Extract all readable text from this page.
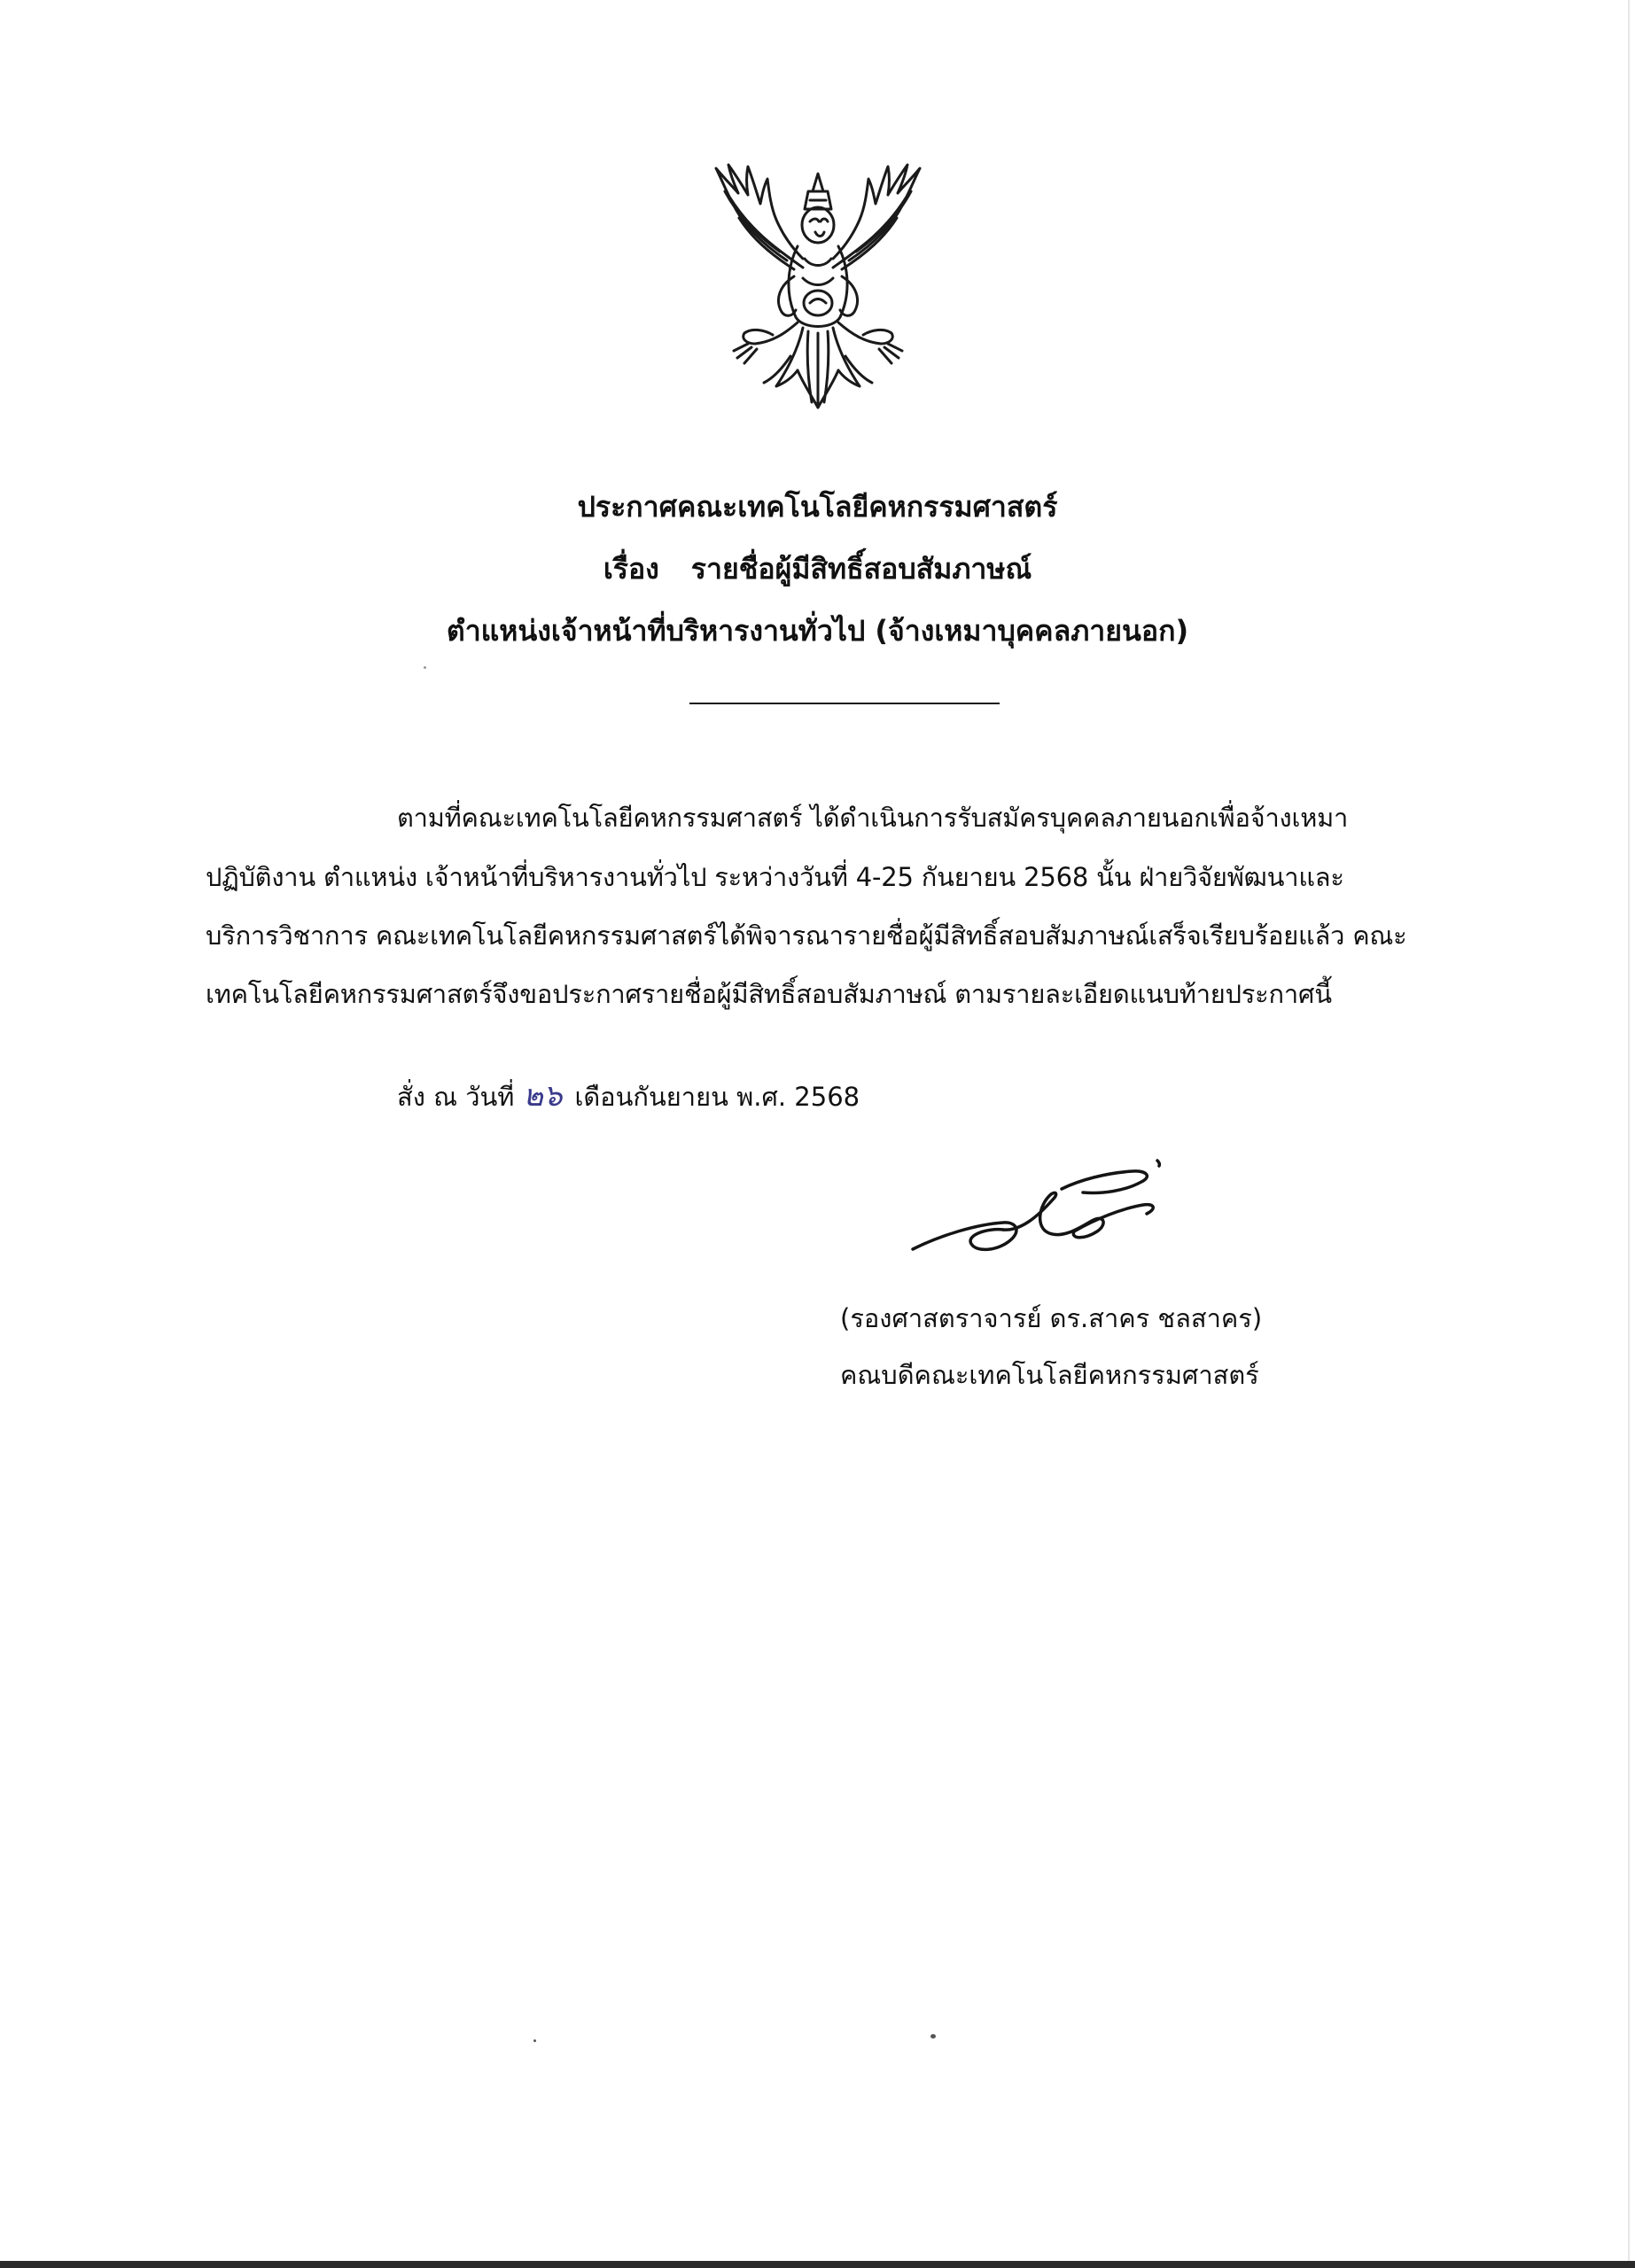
ประกาศคณะเทคโนโลยีคหกรรมศาสตร์
เรื่อง รายชื่อผู้มีสิทธิ์สอบสัมภาษณ์
ตำแหน่งเจ้าหน้าที่บริหารงานทั่วไป (จ้างเหมาบุคคลภายนอก)
ตามที่คณะเทคโนโลยีคหกรรมศาสตร์ ได้ดำเนินการรับสมัครบุคคลภายนอกเพื่อจ้างเหมา
ปฏิบัติงาน ตำแหน่ง เจ้าหน้าที่บริหารงานทั่วไป ระหว่างวันที่ 4-25 กันยายน 2568 นั้น ฝ่ายวิจัยพัฒนาและ
บริการวิชาการ คณะเทคโนโลยีคหกรรมศาสตร์ได้พิจารณารายชื่อผู้มีสิทธิ์สอบสัมภาษณ์เสร็จเรียบร้อยแล้ว คณะ
เทคโนโลยีคหกรรมศาสตร์จึงขอประกาศรายชื่อผู้มีสิทธิ์สอบสัมภาษณ์ ตามรายละเอียดแนบท้ายประกาศนี้
สั่ง ณ วันที่ ๒๖ เดือนกันยายน พ.ศ. 2568
(รองศาสตราจารย์ ดร.สาคร ชลสาคร)
คณบดีคณะเทคโนโลยีคหกรรมศาสตร์
